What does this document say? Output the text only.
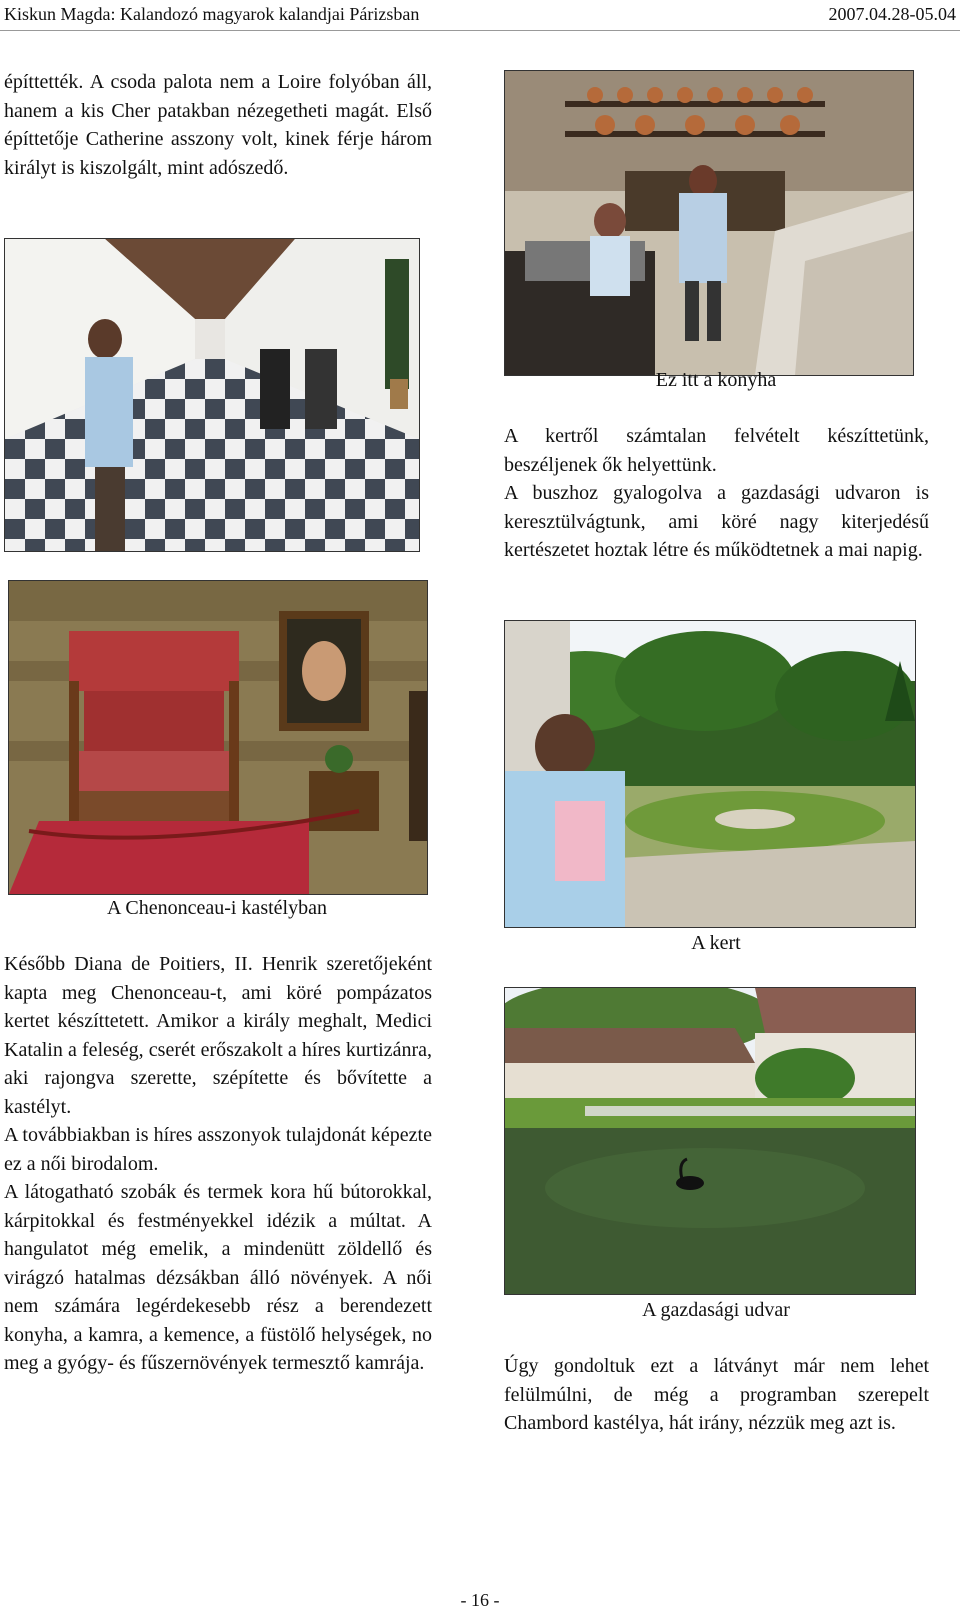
Kiskun Magda: Kalandozó magyarok kalandjai Párizsban	2007.04.28-05.04

építtették. A csoda palota nem a Loire folyóban áll, hanem a kis Cher patakban nézegetheti magát. Első építtetője Catherine asszony volt, kinek férje három királyt is kiszolgált, mint adószedő.

Ez itt a konyha

A kertről számtalan felvételt készíttetünk, beszéljenek ők helyettünk.

A buszhoz gyalogolva a gazdasági udvaron is keresztülvágtunk, ami köré nagy kiterjedésű kertészetet hoztak létre és működtetnek a mai napig.

A Chenonceau-i kastélyban
A kert

Később Diana de Poitiers, II. Henrik szeretőjeként kapta meg Chenonceau-t, ami köré pompázatos kertet készíttetett. Amikor a király meghalt, Medici Katalin a feleség, cserét erőszakolt a híres kurtizánra, aki rajongva szerette, szépítette és bővítette a kastélyt.

A továbbiakban is híres asszonyok tulajdonát képezte ez a női birodalom.

A látogatható szobák és termek kora hű bútorokkal, kárpitokkal és festményekkel idézik a múltat. A hangulatot még emelik, a mindenütt zöldellő és virágzó hatalmas dézsákban álló növények. A női nem számára legérdekesebb rész a berendezett konyha, a kamra, a kemence, a füstölő helységek, no meg a gyógy- és fűszernövények termesztő kamrája.

A gazdasági udvar

Úgy gondoltuk ezt a látványt már nem lehet felülmúlni, de még a programban szerepelt Chambord kastélya, hát irány, nézzük meg azt is.

- 16 -
